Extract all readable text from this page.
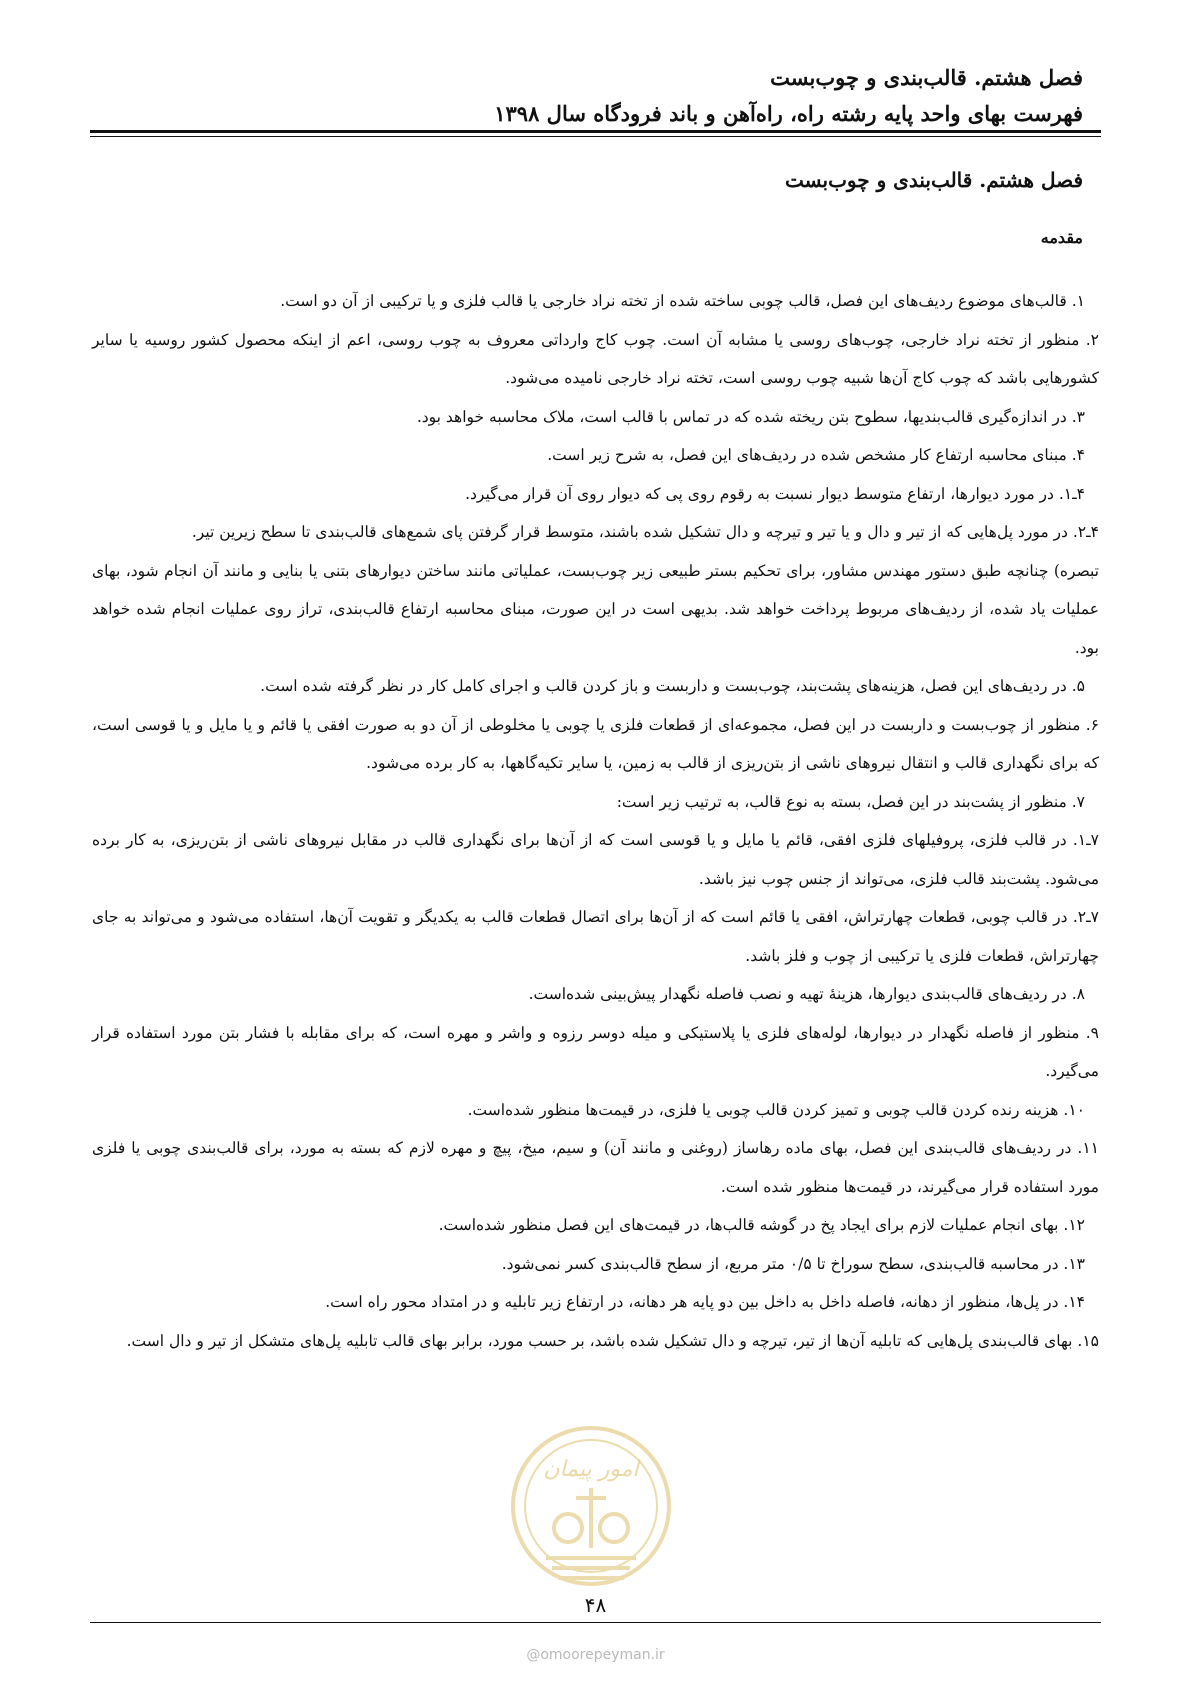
فصل هشتم. قالب‌بندی و چوب‌بست
فهرست بهای واحد پایه رشته راه، راه‌آهن و باند فرودگاه سال ۱۳۹۸
فصل هشتم. قالب‌بندی و چوب‌بست
مقدمه

۱. قالب‌های موضوع ردیف‌های این فصل، قالب چوبی ساخته شده از تخته نراد خارجی یا قالب فلزی و یا ترکیبی از آن دو است.

۲. منظور از تخته نراد خارجی، چوب‌های روسی یا مشابه آن است. چوب کاج وارداتی معروف به چوب روسی، اعم از اینکه محصول کشور روسیه یا سایر کشورهایی باشد که چوب کاج آن‌ها شبیه چوب روسی است، تخته نراد خارجی نامیده می‌شود.

۳. در اندازه‌گیری قالب‌بندیها، سطوح بتن ریخته شده که در تماس با قالب است، ملاک محاسبه خواهد بود.

۴. مبنای محاسبه ارتفاع کار مشخص شده در ردیف‌های این فصل، به شرح زیر است.

۴ـ۱. در مورد دیوارها، ارتفاع متوسط دیوار نسبت به رقوم روی پی که دیوار روی آن قرار می‌گیرد.

۴ـ۲. در مورد پل‌هایی که از تیر و دال و یا تیر و تیرچه و دال تشکیل شده باشند، متوسط قرار گرفتن پای شمع‌های قالب‌بندی تا سطح زیرین تیر.

تبصره) چنانچه طبق دستور مهندس مشاور، برای تحکیم بستر طبیعی زیر چوب‌بست، عملیاتی مانند ساختن دیوارهای بتنی یا بنایی و مانند آن انجام شود، بهای عملیات یاد شده، از ردیف‌های مربوط پرداخت خواهد شد. بدیهی است در این صورت، مبنای محاسبه ارتفاع قالب‌بندی، تراز روی عملیات انجام شده خواهد بود.

۵. در ردیف‌های این فصل، هزینه‌های پشت‌بند، چوب‌بست و داربست و باز کردن قالب و اجرای کامل کار در نظر گرفته شده است.

۶. منظور از چوب‌بست و داربست در این فصل، مجموعه‌ای از قطعات فلزی یا چوبی یا مخلوطی از آن دو به صورت افقی یا قائم و یا مایل و یا قوسی است، که برای نگهداری قالب و انتقال نیروهای ناشی از بتن‌ریزی از قالب به زمین، یا سایر تکیه‌گاهها، به کار برده می‌شود.

۷. منظور از پشت‌بند در این فصل، بسته به نوع قالب، به ترتیب زیر است:

۷ـ۱. در قالب فلزی، پروفیلهای فلزی افقی، قائم یا مایل و یا قوسی است که از آن‌ها برای نگهداری قالب در مقابل نیروهای ناشی از بتن‌ریزی، به کار برده می‌شود. پشت‌بند قالب فلزی، می‌تواند از جنس چوب نیز باشد.

۷ـ۲. در قالب چوبی، قطعات چهارتراش، افقی یا قائم است که از آن‌ها برای اتصال قطعات قالب به یکدیگر و تقویت آن‌ها، استفاده می‌شود و می‌تواند به جای چهارتراش، قطعات فلزی یا ترکیبی از چوب و فلز باشد.

۸. در ردیف‌های قالب‌بندی دیوارها، هزینهٔ تهیه و نصب فاصله نگهدار پیش‌بینی شده‌است.

۹. منظور از فاصله نگهدار در دیوارها، لوله‌های فلزی یا پلاستیکی و میله دوسر رزوه و واشر و مهره است، که برای مقابله با فشار بتن مورد استفاده قرار می‌گیرد.

۱۰. هزینه رنده کردن قالب چوبی و تمیز کردن قالب چوبی یا فلزی، در قیمت‌ها منظور شده‌است.

۱۱. در ردیف‌های قالب‌بندی این فصل، بهای ماده رهاساز (روغنی و مانند آن) و سیم، میخ، پیچ و مهره لازم که بسته به مورد، برای قالب‌بندی چوبی یا فلزی مورد استفاده قرار می‌گیرند، در قیمت‌ها منظور شده است.

۱۲. بهای انجام عملیات لازم برای ایجاد پخ در گوشه قالب‌ها، در قیمت‌های این فصل منظور شده‌است.

۱۳. در محاسبه قالب‌بندی، سطح سوراخ تا ۰/۵ متر مربع، از سطح قالب‌بندی کسر نمی‌شود.

۱۴. در پل‌ها، منظور از دهانه، فاصله داخل به داخل بین دو پایه هر دهانه، در ارتفاع زیر تابلیه و در امتداد محور راه است.

۱۵. بهای قالب‌بندی پل‌هایی که تابلیه آن‌ها از تیر، تیرچه و دال تشکیل شده باشد، بر حسب مورد، برابر بهای قالب تابلیه پل‌های متشکل از تیر و دال است.

امور پیمان
۴۸
@omoorepeyman.ir
